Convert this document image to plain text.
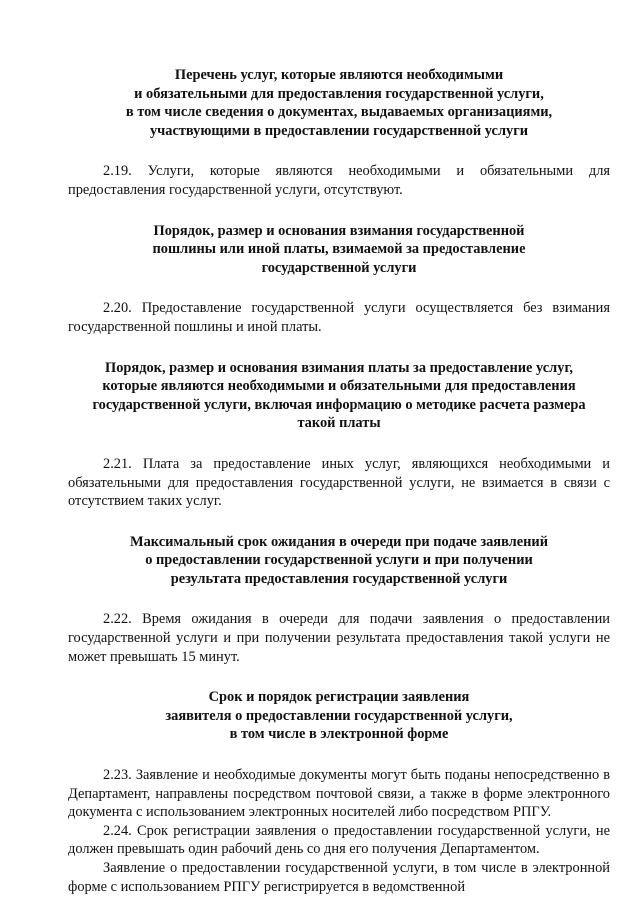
Перечень услуг, которые являются необходимыми
и обязательными для предоставления государственной услуги,
в том числе сведения о документах, выдаваемых организациями,
участвующими в предоставлении государственной услуги
2.19. Услуги, которые являются необходимыми и обязательными для предоставления государственной услуги, отсутствуют.
Порядок, размер и основания взимания государственной
пошлины или иной платы, взимаемой за предоставление
государственной услуги
2.20. Предоставление государственной услуги осуществляется без взимания государственной пошлины и иной платы.
Порядок, размер и основания взимания платы за предоставление услуг,
которые являются необходимыми и обязательными для предоставления
государственной услуги, включая информацию о методике расчета размера
такой платы
2.21. Плата за предоставление иных услуг, являющихся необходимыми и обязательными для предоставления государственной услуги, не взимается в связи с отсутствием таких услуг.
Максимальный срок ожидания в очереди при подаче заявлений
о предоставлении государственной услуги и при получении
результата предоставления государственной услуги
2.22. Время ожидания в очереди для подачи заявления о предоставлении государственной услуги и при получении результата предоставления такой услуги не может превышать 15 минут.
Срок и порядок регистрации заявления
заявителя о предоставлении государственной услуги,
в том числе в электронной форме
2.23. Заявление и необходимые документы могут быть поданы непосредственно в Департамент, направлены посредством почтовой связи, а также в форме электронного документа с использованием электронных носителей либо посредством РПГУ.
2.24. Срок регистрации заявления о предоставлении государственной услуги, не должен превышать один рабочий день со дня его получения Департаментом.
Заявление о предоставлении государственной услуги, в том числе в электронной форме с использованием РПГУ регистрируется в ведомственной
